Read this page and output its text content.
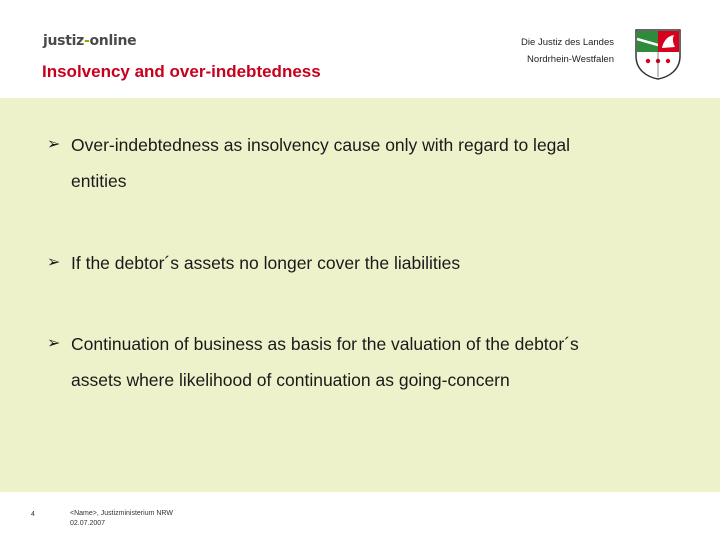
justiz-online
Insolvency and over-indebtedness
Die Justiz des Landes
Nordrhein-Westfalen
➢ Over-indebtedness as insolvency cause only with regard to legal
entities
➢ If the debtor´s assets no longer cover the liabilities
➢ Continuation of business as basis for the valuation of the debtor´s
assets where likelihood of continuation as going-concern
4	<Name>, Justizministerium NRW
02.07.2007
